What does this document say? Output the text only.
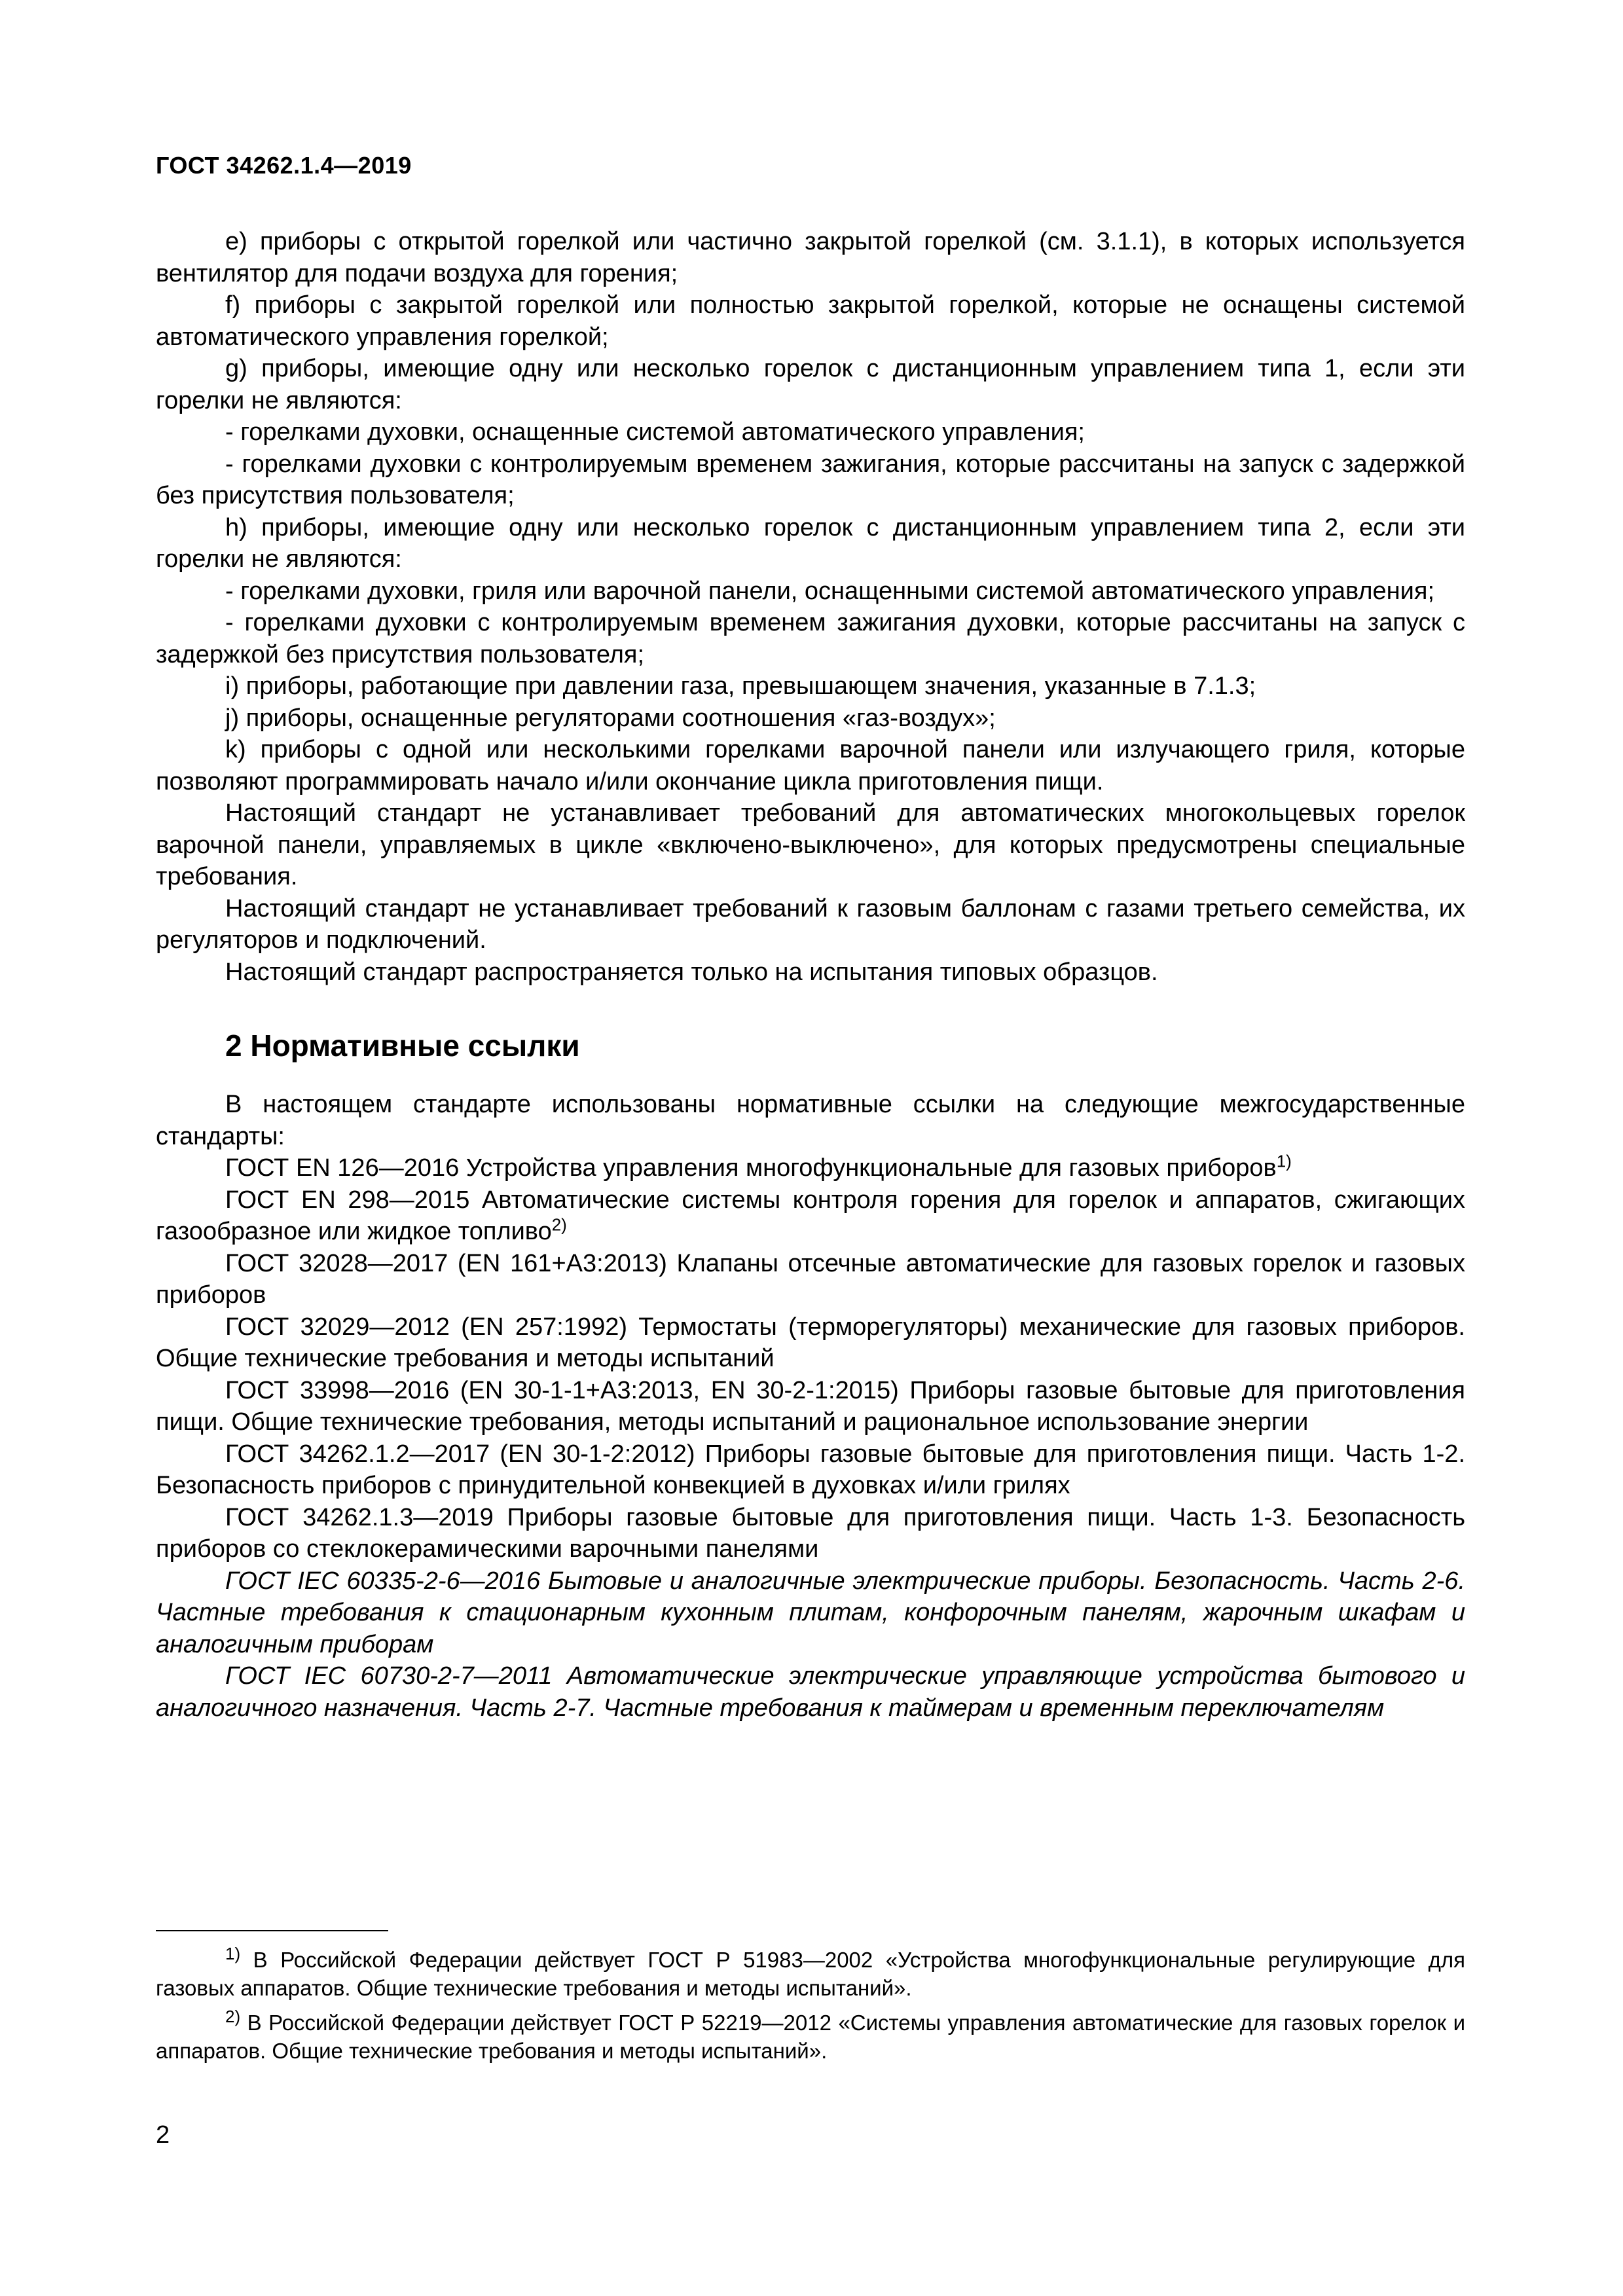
ГОСТ 34262.1.4—2019

е) приборы с открытой горелкой или частично закрытой горелкой (см. 3.1.1), в которых используется вентилятор для подачи воздуха для горения;

f) приборы с закрытой горелкой или полностью закрытой горелкой, которые не оснащены системой автоматического управления горелкой;

g) приборы, имеющие одну или несколько горелок с дистанционным управлением типа 1, если эти горелки не являются:

- горелками духовки, оснащенные системой автоматического управления;

- горелками духовки с контролируемым временем зажигания, которые рассчитаны на запуск с задержкой без присутствия пользователя;

h) приборы, имеющие одну или несколько горелок с дистанционным управлением типа 2, если эти горелки не являются:

- горелками духовки, гриля или варочной панели, оснащенными системой автоматического управления;

- горелками духовки с контролируемым временем зажигания духовки, которые рассчитаны на запуск с задержкой без присутствия пользователя;

i) приборы, работающие при давлении газа, превышающем значения, указанные в 7.1.3;

j) приборы, оснащенные регуляторами соотношения «газ-воздух»;

k) приборы с одной или несколькими горелками варочной панели или излучающего гриля, которые позволяют программировать начало и/или окончание цикла приготовления пищи.

Настоящий стандарт не устанавливает требований для автоматических многокольцевых горелок варочной панели, управляемых в цикле «включено-выключено», для которых предусмотрены специальные требования.

Настоящий стандарт не устанавливает требований к газовым баллонам с газами третьего семейства, их регуляторов и подключений.

Настоящий стандарт распространяется только на испытания типовых образцов.

2 Нормативные ссылки

В настоящем стандарте использованы нормативные ссылки на следующие межгосударственные стандарты:

ГОСТ EN 126—2016 Устройства управления многофункциональные для газовых приборов$^{1)}$

ГОСТ EN 298—2015 Автоматические системы контроля горения для горелок и аппаратов, сжигающих газообразное или жидкое топливо$^{2)}$

ГОСТ 32028—2017 (EN 161+A3:2013) Клапаны отсечные автоматические для газовых горелок и газовых приборов

ГОСТ 32029—2012 (EN 257:1992) Термостаты (терморегуляторы) механические для газовых приборов. Общие технические требования и методы испытаний

ГОСТ 33998—2016 (EN 30-1-1+A3:2013, EN 30-2-1:2015) Приборы газовые бытовые для приготовления пищи. Общие технические требования, методы испытаний и рациональное использование энергии

ГОСТ 34262.1.2—2017 (EN 30-1-2:2012) Приборы газовые бытовые для приготовления пищи. Часть 1-2. Безопасность приборов с принудительной конвекцией в духовках и/или грилях

ГОСТ 34262.1.3—2019 Приборы газовые бытовые для приготовления пищи. Часть 1-3. Безопасность приборов со стеклокерамическими варочными панелями

ГОСТ IEC 60335-2-6—2016 Бытовые и аналогичные электрические приборы. Безопасность. Часть 2-6. Частные требования к стационарным кухонным плитам, конфорочным панелям, жарочным шкафам и аналогичным приборам

ГОСТ IEC 60730-2-7—2011 Автоматические электрические управляющие устройства бытового и аналогичного назначения. Часть 2-7. Частные требования к таймерам и временным переключателям

$^{1)}$ В Российской Федерации действует ГОСТ Р 51983—2002 «Устройства многофункциональные регулирующие для газовых аппаратов. Общие технические требования и методы испытаний».

$^{2)}$ В Российской Федерации действует ГОСТ Р 52219—2012 «Системы управления автоматические для газовых горелок и аппаратов. Общие технические требования и методы испытаний».

2
